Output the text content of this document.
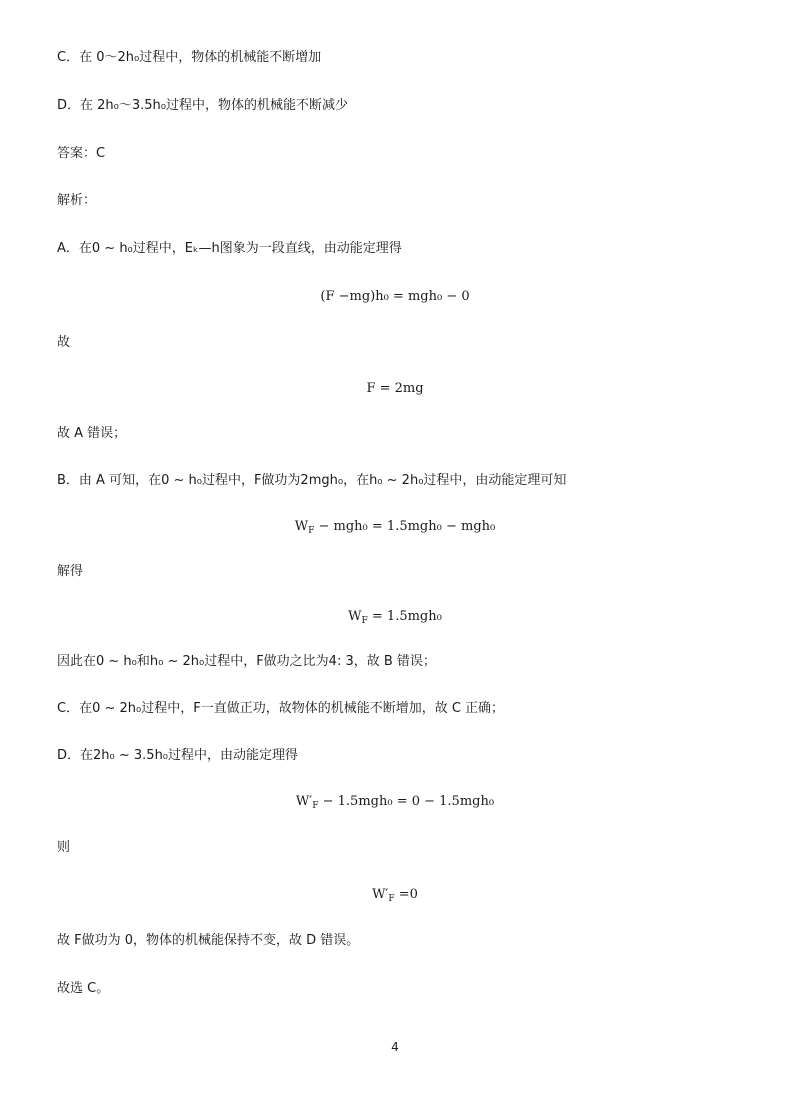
C．在 0～2h₀过程中，物体的机械能不断增加
D．在 2h₀～3.5h₀过程中，物体的机械能不断减少
答案：C
解析：
A．在0 ~ h₀过程中，Eₖ—h图象为一段直线，由动能定理得
(F −mg)h₀ = mgh₀ − 0
故
F = 2mg
故 A 错误；
B．由 A 可知，在0 ~ h₀过程中，F做功为2mgh₀，在h₀ ~ 2h₀过程中，由动能定理可知
$W_F - mgh_0 = 1.5mgh_0 - mgh_0$
解得
$W_F = 1.5mgh_0$
因此在0 ~ h₀和h₀ ~ 2h₀过程中，F做功之比为4: 3，故 B 错误；
C．在0 ~ 2h₀过程中，F一直做正功，故物体的机械能不断增加，故 C 正确；
D．在2h₀ ~ 3.5h₀过程中，由动能定理得
$W'_F - 1.5mgh_0 = 0 - 1.5mgh_0$
则
$W'_F =0$
故 F做功为 0，物体的机械能保持不变，故 D 错误。
故选 C。
4
